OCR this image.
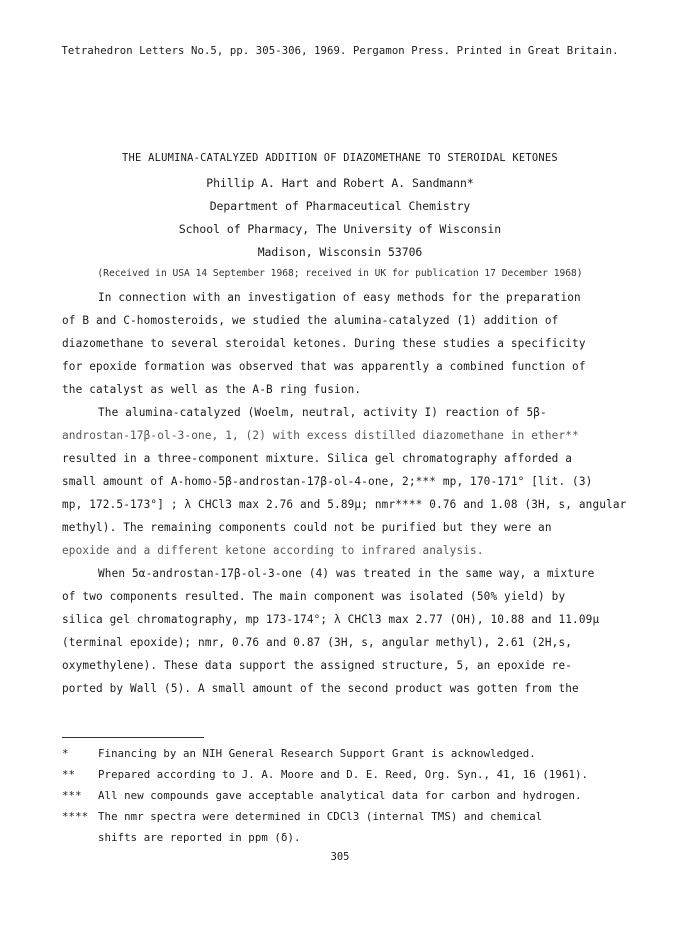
Tetrahedron Letters No.5, pp. 305-306, 1969. Pergamon Press. Printed in Great Britain.
THE ALUMINA-CATALYZED ADDITION OF DIAZOMETHANE TO STEROIDAL KETONES
Phillip A. Hart and Robert A. Sandmann*
Department of Pharmaceutical Chemistry
School of Pharmacy, The University of Wisconsin
Madison, Wisconsin 53706
(Received in USA 14 September 1968; received in UK for publication 17 December 1968)
In connection with an investigation of easy methods for the preparation
of B and C-homosteroids, we studied the alumina-catalyzed (1) addition of
diazomethane to several steroidal ketones. During these studies a specificity
for epoxide formation was observed that was apparently a combined function of
the catalyst as well as the A-B ring fusion.
The alumina-catalyzed (Woelm, neutral, activity I) reaction of 5β-
androstan-17β-ol-3-one, 1, (2) with excess distilled diazomethane in ether**
resulted in a three-component mixture. Silica gel chromatography afforded a
small amount of A-homo-5β-androstan-17β-ol-4-one, 2;*** mp, 170-171° [lit. (3)
mp, 172.5-173°] ; λ CHCl3 max 2.76 and 5.89μ; nmr**** 0.76 and 1.08 (3H, s, angular
methyl). The remaining components could not be purified but they were an
epoxide and a different ketone according to infrared analysis.
When 5α-androstan-17β-ol-3-one (4) was treated in the same way, a mixture
of two components resulted. The main component was isolated (50% yield) by
silica gel chromatography, mp 173-174°; λ CHCl3 max 2.77 (OH), 10.88 and 11.09μ
(terminal epoxide); nmr, 0.76 and 0.87 (3H, s, angular methyl), 2.61 (2H,s,
oxymethylene). These data support the assigned structure, 5, an epoxide re-
ported by Wall (5). A small amount of the second product was gotten from the
*	Financing by an NIH General Research Support Grant is acknowledged.
** Prepared according to J. A. Moore and D. E. Reed, Org. Syn., 41, 16 (1961).
*** All new compounds gave acceptable analytical data for carbon and hydrogen.
**** The nmr spectra were determined in CDCl3 (internal TMS) and chemical
shifts are reported in ppm (δ).
305
